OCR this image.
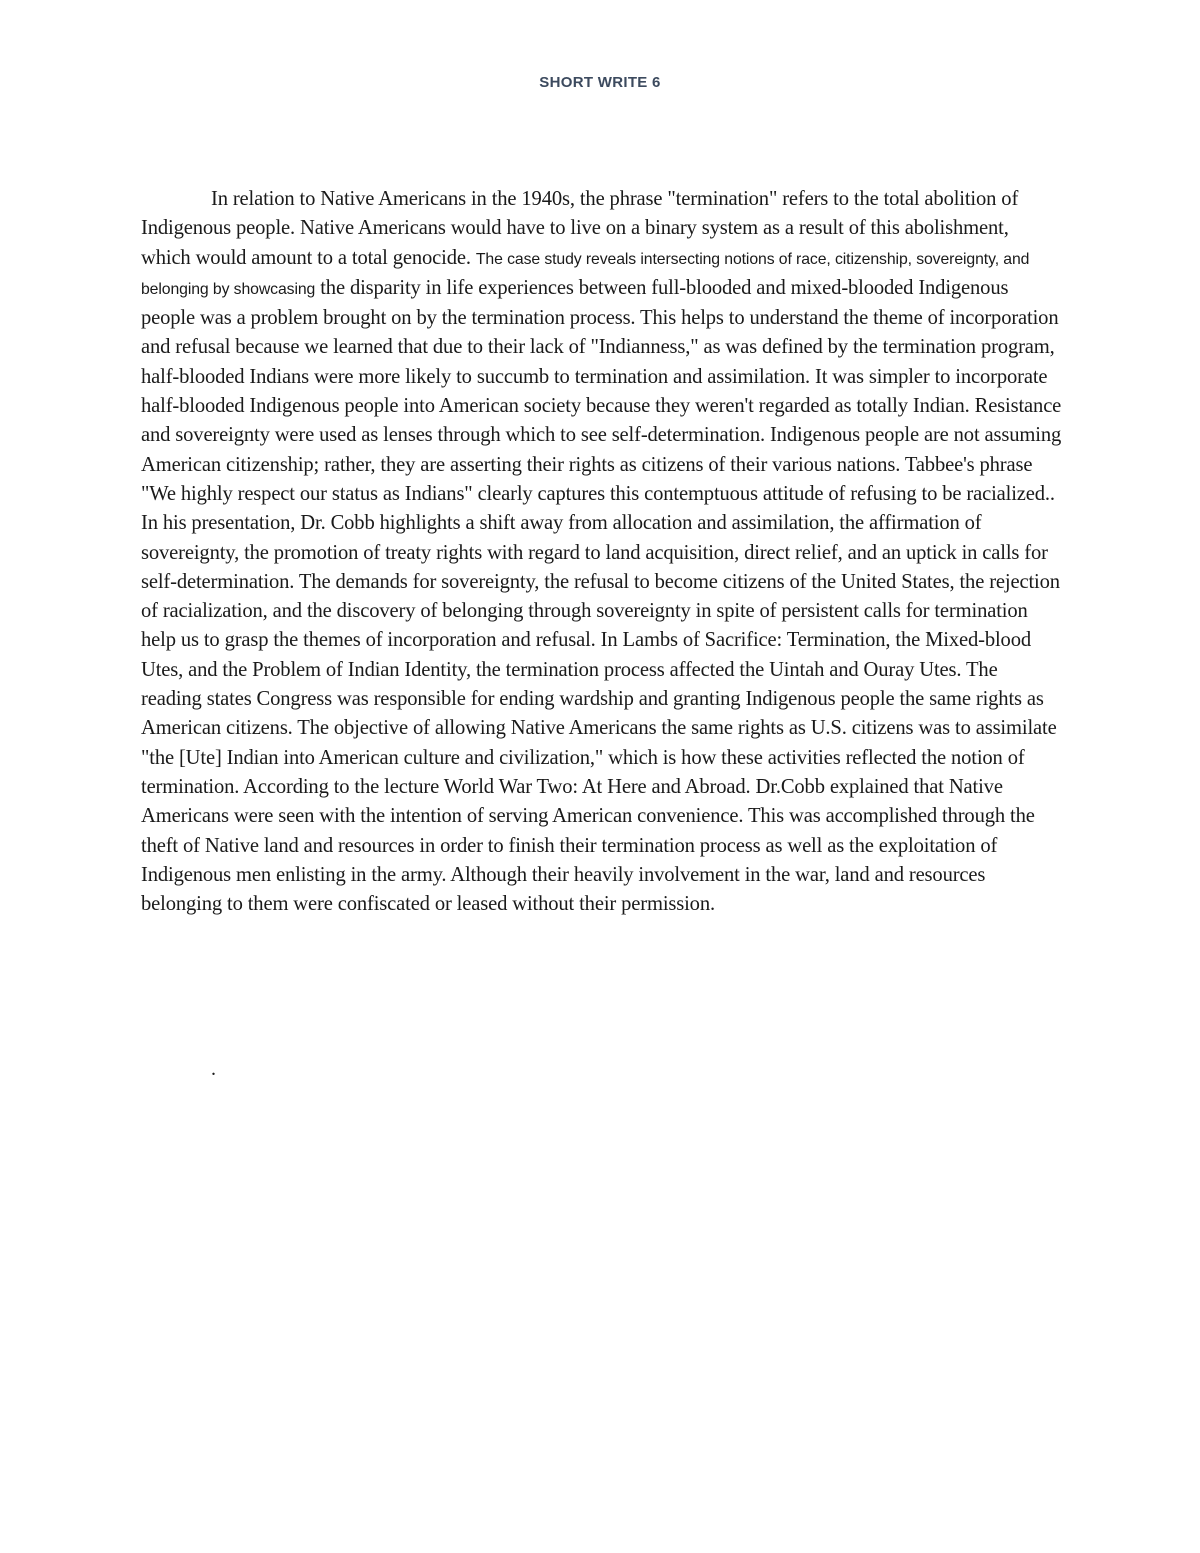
SHORT WRITE 6

In relation to Native Americans in the 1940s, the phrase "termination" refers to the total abolition of Indigenous people. Native Americans would have to live on a binary system as a result of this abolishment, which would amount to a total genocide. The case study reveals intersecting notions of race, citizenship, sovereignty, and belonging by showcasing the disparity in life experiences between full-blooded and mixed-blooded Indigenous people was a problem brought on by the termination process. This helps to understand the theme of incorporation and refusal because we learned that due to their lack of "Indianness," as was defined by the termination program, half-blooded Indians were more likely to succumb to termination and assimilation. It was simpler to incorporate half-blooded Indigenous people into American society because they weren't regarded as totally Indian. Resistance and sovereignty were used as lenses through which to see self-determination. Indigenous people are not assuming American citizenship; rather, they are asserting their rights as citizens of their various nations. Tabbee's phrase "We highly respect our status as Indians" clearly captures this contemptuous attitude of refusing to be racialized.. In his presentation, Dr. Cobb highlights a shift away from allocation and assimilation, the affirmation of sovereignty, the promotion of treaty rights with regard to land acquisition, direct relief, and an uptick in calls for self-determination. The demands for sovereignty, the refusal to become citizens of the United States, the rejection of racialization, and the discovery of belonging through sovereignty in spite of persistent calls for termination help us to grasp the themes of incorporation and refusal. In Lambs of Sacrifice: Termination, the Mixed-blood Utes, and the Problem of Indian Identity, the termination process affected the Uintah and Ouray Utes. The reading states Congress was responsible for ending wardship and granting Indigenous people the same rights as American citizens. The objective of allowing Native Americans the same rights as U.S. citizens was to assimilate "the [Ute] Indian into American culture and civilization," which is how these activities reflected the notion of termination. According to the lecture World War Two: At Here and Abroad. Dr.Cobb explained that Native Americans were seen with the intention of serving American convenience. This was accomplished through the theft of Native land and resources in order to finish their termination process as well as the exploitation of Indigenous men enlisting in the army. Although their heavily involvement in the war, land and resources belonging to them were confiscated or leased without their permission.

.
